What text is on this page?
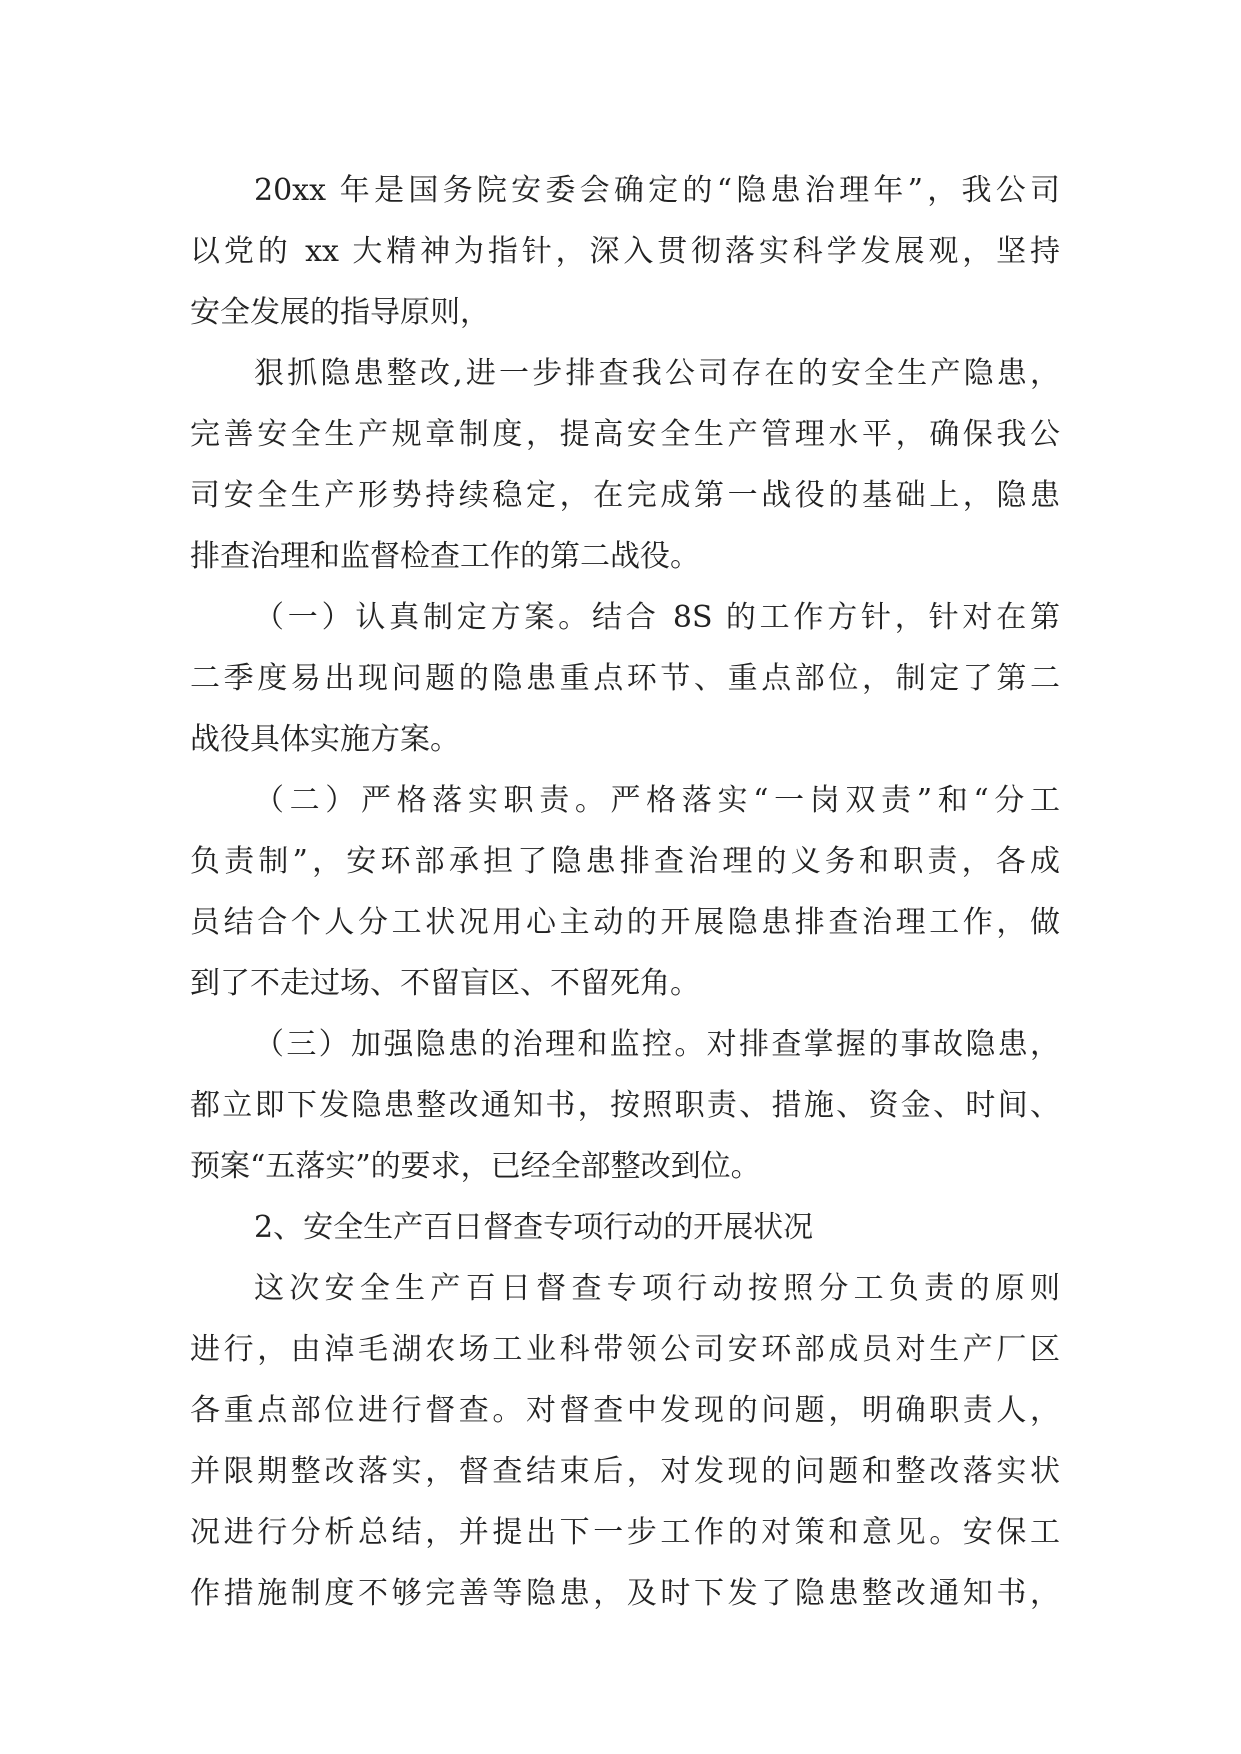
20xx 年是国务院安委会确定的“隐患治理年”，我公司
以党的 xx 大精神为指针，深入贯彻落实科学发展观，坚持
安全发展的指导原则，
狠抓隐患整改,进一步排查我公司存在的安全生产隐患，
完善安全生产规章制度，提高安全生产管理水平，确保我公
司安全生产形势持续稳定，在完成第一战役的基础上，隐患
排查治理和监督检查工作的第二战役。
（一）认真制定方案。结合 8S 的工作方针，针对在第
二季度易出现问题的隐患重点环节、重点部位，制定了第二
战役具体实施方案。
（二）严格落实职责。严格落实“一岗双责”和“分工
负责制”，安环部承担了隐患排查治理的义务和职责，各成
员结合个人分工状况用心主动的开展隐患排查治理工作，做
到了不走过场、不留盲区、不留死角。
（三）加强隐患的治理和监控。对排查掌握的事故隐患，
都立即下发隐患整改通知书，按照职责、措施、资金、时间、
预案“五落实”的要求，已经全部整改到位。
2、安全生产百日督查专项行动的开展状况
这次安全生产百日督查专项行动按照分工负责的原则
进行，由淖毛湖农场工业科带领公司安环部成员对生产厂区
各重点部位进行督查。对督查中发现的问题，明确职责人，
并限期整改落实，督查结束后，对发现的问题和整改落实状
况进行分析总结，并提出下一步工作的对策和意见。安保工
作措施制度不够完善等隐患，及时下发了隐患整改通知书，
